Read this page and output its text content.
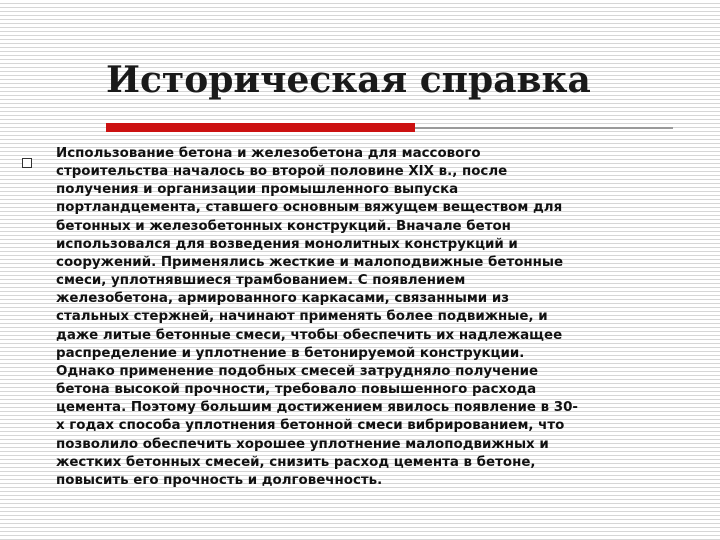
Историческая справка

Использование бетона и железобетона для массового
строительства началось во второй половине XIX в., после
получения и организации промышленного выпуска
портландцемента, ставшего основным вяжущем веществом для
бетонных и железобетонных конструкций. Вначале бетон
использовался для возведения монолитных конструкций и
сооружений. Применялись жесткие и малоподвижные бетонные
смеси, уплотнявшиеся трамбованием. С появлением
железобетона, армированного каркасами, связанными из
стальных стержней, начинают применять более подвижные, и
даже литые бетонные смеси, чтобы обеспечить их надлежащее
распределение и уплотнение в бетонируемой конструкции.
Однако применение подобных смесей затрудняло получение
бетона высокой прочности, требовало повышенного расхода
цемента. Поэтому большим достижением явилось появление в 30-
х годах способа уплотнения бетонной смеси вибрированием, что
позволило обеспечить хорошее уплотнение малоподвижных и
жестких бетонных смесей, снизить расход цемента в бетоне,
повысить его прочность и долговечность.
